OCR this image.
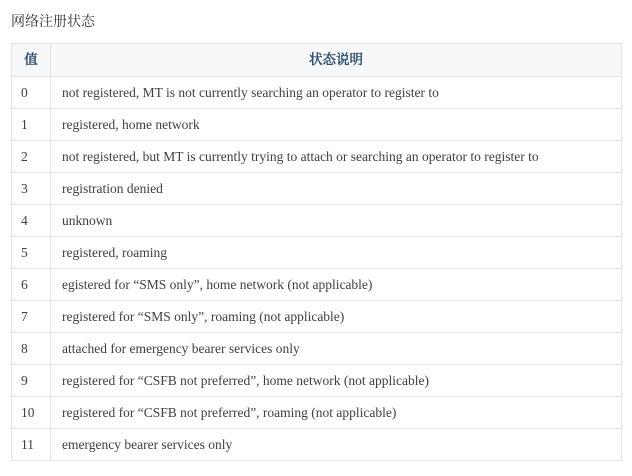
网络注册状态
值	状态说明
0	not registered, MT is not currently searching an operator to register to
1	registered, home network
2	not registered, but MT is currently trying to attach or searching an operator to register to
3	registration denied
4	unknown
5	registered, roaming
6	egistered for “SMS only”, home network (not applicable)
7	registered for “SMS only”, roaming (not applicable)
8	attached for emergency bearer services only
9	registered for “CSFB not preferred”, home network (not applicable)
10	registered for “CSFB not preferred”, roaming (not applicable)
11	emergency bearer services only
